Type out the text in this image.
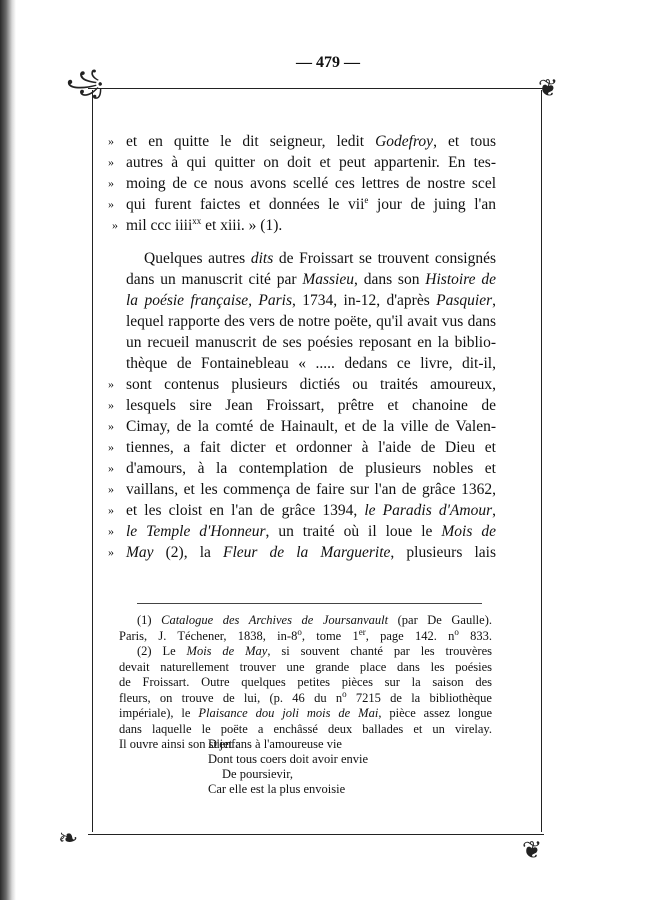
— 479 —
꧁	❦
❧	❦
» et en quitte le dit seigneur, ledit Godefroy, et tous
» autres à qui quitter on doit et peut appartenir. En tes-
» moing de ce nous avons scellé ces lettres de nostre scel
» qui furent faictes et données le vii$^e$ jour de juing l'an
» mil ccc iiii$^{xx}$ et xiii. » (1).
Quelques autres dits de Froissart se trouvent consignés
dans un manuscrit cité par Massieu, dans son Histoire de
la poésie française, Paris, 1734, in-12, d'après Pasquier,
lequel rapporte des vers de notre poëte, qu'il avait vus dans
un recueil manuscrit de ses poésies reposant en la biblio-
thèque de Fontainebleau « ..... dedans ce livre, dit-il,
» sont contenus plusieurs dictiés ou traités amoureux,
» lesquels sire Jean Froissart, prêtre et chanoine de
» Cimay, de la comté de Hainault, et de la ville de Valen-
» tiennes, a fait dicter et ordonner à l'aide de Dieu et
» d'amours, à la contemplation de plusieurs nobles et
» vaillans, et les commença de faire sur l'an de grâce 1362,
» et les cloist en l'an de grâce 1394, le Paradis d'Amour,
» le Temple d'Honneur, un traité où il loue le Mois de
» May (2), la Fleur de la Marguerite, plusieurs lais
(1) Catalogue des Archives de Joursanvault (par De Gaulle).
Paris, J. Téchener, 1838, in-8$^o$, tome 1er, page 142. $n^o$ 833.
(2) Le Mois de May, si souvent chanté par les trouvères
devait naturellement trouver une grande place dans les poésies
de Froissart. Outre quelques petites pièces sur la saison des
fleurs, on trouve de lui, (p. 46 du $n^o$ 7215 de la bibliothèque
impériale), le Plaisance dou joli mois de Mai, pièce assez longue
dans laquelle le poëte a enchâssé deux ballades et un virelay.
Il ouvre ainsi son sujet :
D'enfans à l'amoureuse vie
Dont tous coers doit avoir envie
De poursievir,
Car elle est la plus envoisie
